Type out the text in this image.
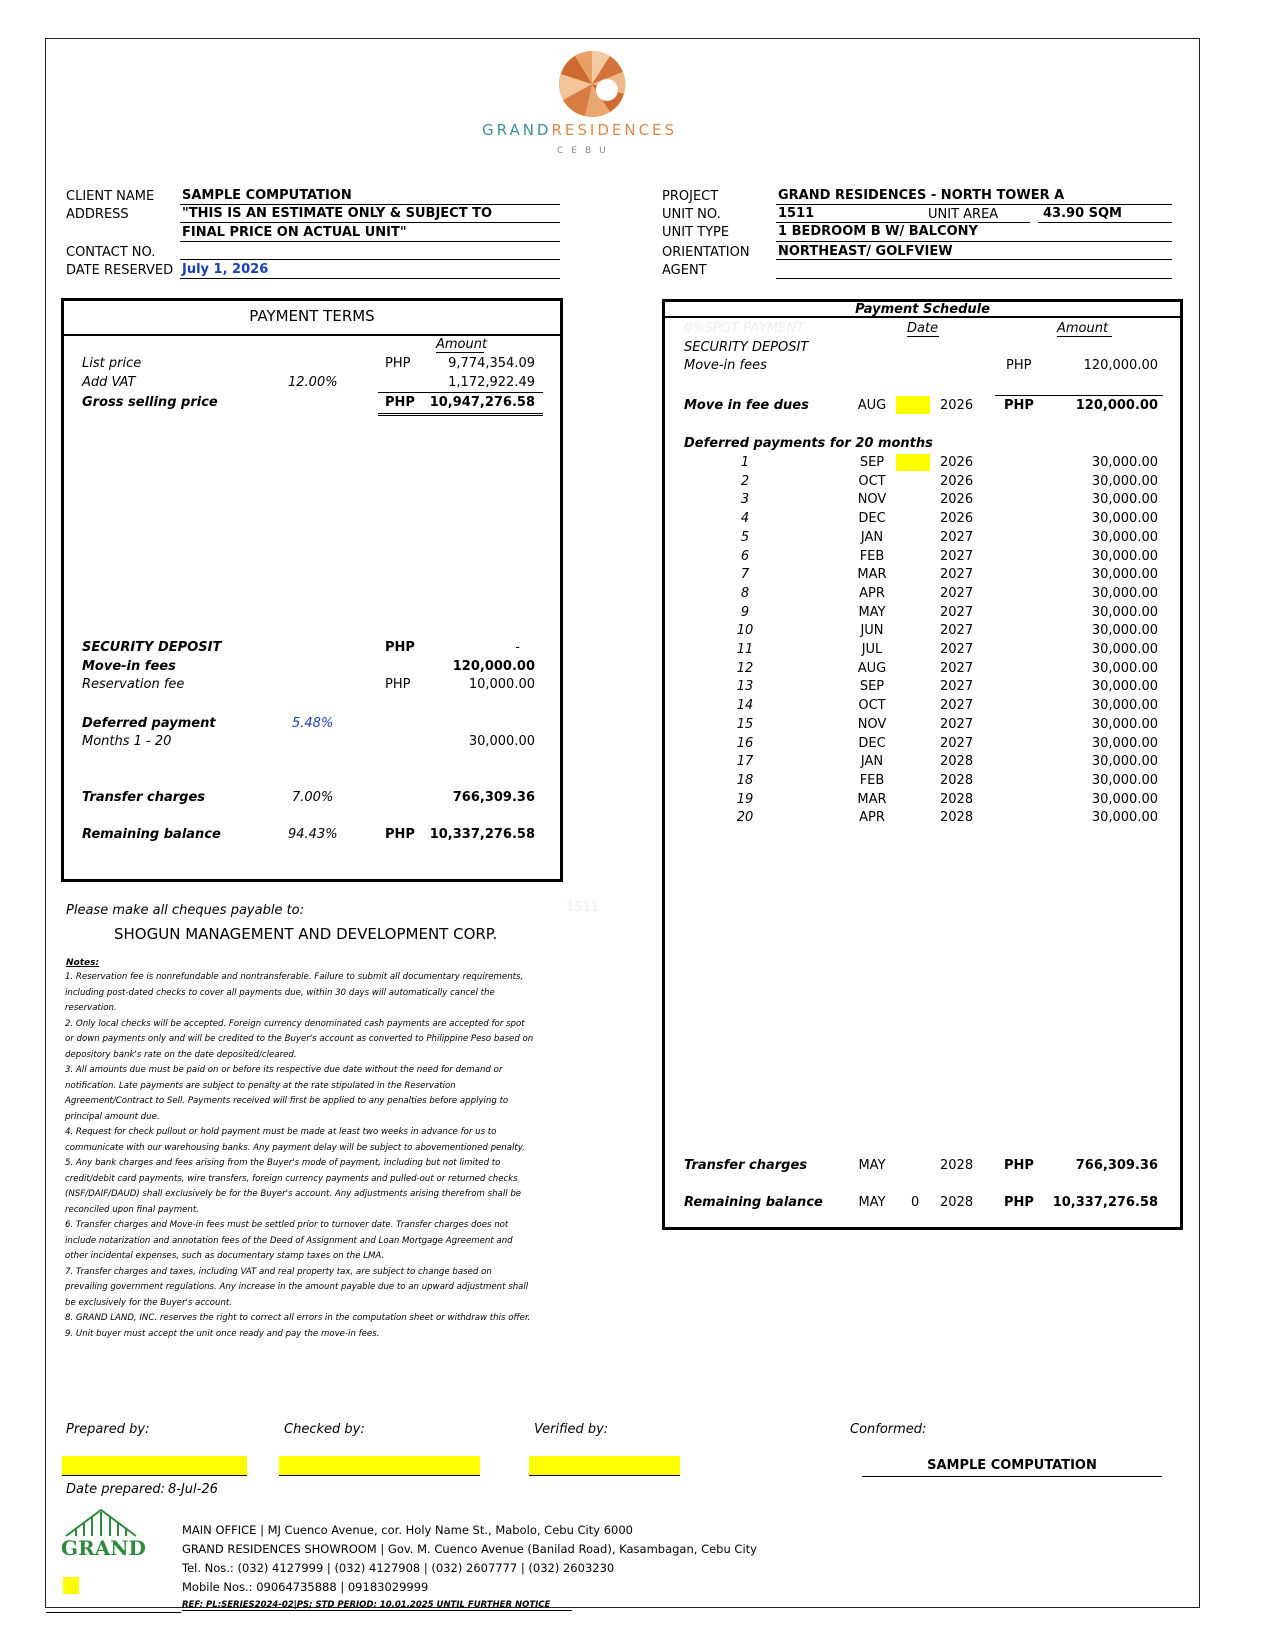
GRANDRESIDENCES
CEBU
CLIENT NAME SAMPLE COMPUTATION
ADDRESS	"THIS IS AN ESTIMATE ONLY & SUBJECT TO
FINAL PRICE ON ACTUAL UNIT"
CONTACT NO.
DATE RESERVED July 1, 2026
PROJECT	GRAND RESIDENCES - NORTH TOWER A
UNIT NO.	1511	UNIT AREA	43.90 SQM
UNIT TYPE	1 BEDROOM B W/ BALCONY
ORIENTATION NORTHEAST/ GOLFVIEW
AGENT
PAYMENT TERMS
Amount
List price	PHP	9,774,354.09
Add VAT	12.00%	1,172,922.49
Gross selling price	PHP	10,947,276.58
SECURITY DEPOSIT	PHP	-
Move-in fees	120,000.00
Reservation fee	PHP	10,000.00
Deferred payment	5.48%
Months 1 - 20	30,000.00
Transfer charges	7.00%	766,309.36
Remaining balance	94.43%	PHP	10,337,276.58
Please make all cheques payable to:	1511
SHOGUN MANAGEMENT AND DEVELOPMENT CORP.
Notes:
1. Reservation fee is nonrefundable and nontransferable. Failure to submit all documentary requirements,
including post-dated checks to cover all payments due, within 30 days will automatically cancel the
reservation.
2. Only local checks will be accepted. Foreign currency denominated cash payments are accepted for spot
or down payments only and will be credited to the Buyer's account as converted to Philippine Peso based on
depository bank's rate on the date deposited/cleared.
3. All amounts due must be paid on or before its respective due date without the need for demand or
notification. Late payments are subject to penalty at the rate stipulated in the Reservation
Agreement/Contract to Sell. Payments received will first be applied to any penalties before applying to
principal amount due.
4. Request for check pullout or hold payment must be made at least two weeks in advance for us to
communicate with our warehousing banks. Any payment delay will be subject to abovementioned penalty.
5. Any bank charges and fees arising from the Buyer's mode of payment, including but not limited to
credit/debit card payments, wire transfers, foreign currency payments and pulled-out or returned checks
(NSF/DAIF/DAUD) shall exclusively be for the Buyer's account. Any adjustments arising therefrom shall be
reconciled upon final payment.
6. Transfer charges and Move-in fees must be settled prior to turnover date. Transfer charges does not
include notarization and annotation fees of the Deed of Assignment and Loan Mortgage Agreement and
other incidental expenses, such as documentary stamp taxes on the LMA.
7. Transfer charges and taxes, including VAT and real property tax, are subject to change based on
prevailing government regulations. Any increase in the amount payable due to an upward adjustment shall
be exclusively for the Buyer's account.
8. GRAND LAND, INC. reserves the right to correct all errors in the computation sheet or withdraw this offer.
9. Unit buyer must accept the unit once ready and pay the move-in fees.
Payment Schedule
0%SPOT PAYMENT	Date	Amount
SECURITY DEPOSIT
Move-in fees	PHP	120,000.00
Move in fee dues	AUG	2026 PHP	120,000.00
Deferred payments for 20 months
1	SEP	2026	30,000.00
2	OCT	2026	30,000.00
3	NOV	2026	30,000.00
4	DEC	2026	30,000.00
5	JAN	2027	30,000.00
6	FEB	2027	30,000.00
7	MAR	2027	30,000.00
8	APR	2027	30,000.00
9	MAY	2027	30,000.00
10	JUN	2027	30,000.00
11	JUL	2027	30,000.00
12	AUG	2027	30,000.00
13	SEP	2027	30,000.00
14	OCT	2027	30,000.00
15	NOV	2027	30,000.00
16	DEC	2027	30,000.00
17	JAN	2028	30,000.00
18	FEB	2028	30,000.00
19	MAR	2028	30,000.00
20	APR	2028	30,000.00
Transfer charges	MAY	2028 PHP	766,309.36
Remaining balance	MAY	0 2028 PHP	10,337,276.58
Prepared by:	Checked by:	Verified by:	Conformed:
SAMPLE COMPUTATION
Date prepared: 8-Jul-26
GRAND
MAIN OFFICE | MJ Cuenco Avenue, cor. Holy Name St., Mabolo, Cebu City 6000
GRAND RESIDENCES SHOWROOM | Gov. M. Cuenco Avenue (Banilad Road), Kasambagan, Cebu City
Tel. Nos.: (032) 4127999 | (032) 4127908 | (032) 2607777 | (032) 2603230
Mobile Nos.: 09064735888 | 09183029999
REF: PL:SERIES2024-02|PS; STD PERIOD: 10.01.2025 UNTIL FURTHER NOTICE
